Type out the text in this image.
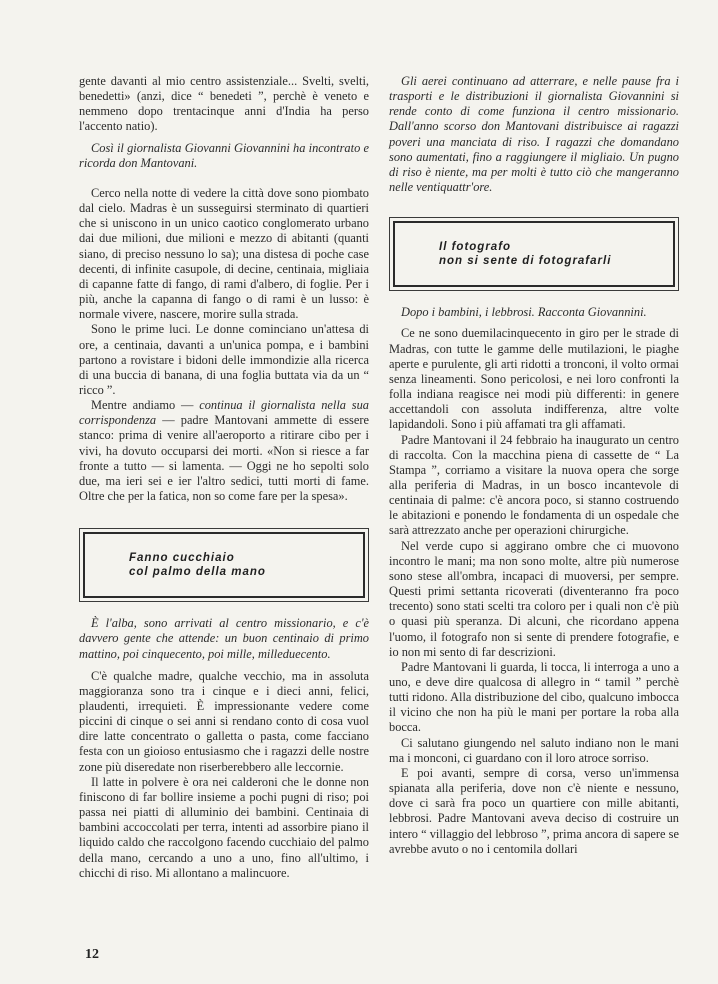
gente davanti al mio centro assistenziale... Svelti, svelti, benedetti» (anzi, dice “ benedeti ”, perchè è veneto e nemmeno dopo trentacinque anni d'India ha perso l'accento natio).

Così il giornalista Giovanni Giovannini ha incontrato e ricorda don Mantovani.

Cerco nella notte di vedere la città dove sono piombato dal cielo. Madras è un susseguirsi sterminato di quartieri che si uniscono in un unico caotico conglomerato urbano dai due milioni, due milioni e mezzo di abitanti (quanti siano, di preciso nessuno lo sa); una distesa di poche case decenti, di infinite casupole, di decine, centinaia, migliaia di capanne fatte di fango, di rami d'albero, di foglie. Per i più, anche la capanna di fango o di rami è un lusso: è normale vivere, nascere, morire sulla strada.

Sono le prime luci. Le donne cominciano un'attesa di ore, a centinaia, davanti a un'unica pompa, e i bambini partono a rovistare i bidoni delle immondizie alla ricerca di una buccia di banana, di una foglia buttata via da un “ ricco ”.

Mentre andiamo — continua il giornalista nella sua corrispondenza — padre Mantovani ammette di essere stanco: prima di venire all'aeroporto a ritirare cibo per i vivi, ha dovuto occuparsi dei morti. «Non si riesce a far fronte a tutto — si lamenta. — Oggi ne ho sepolti solo due, ma ieri sei e ier l'altro sedici, tutti morti di fame. Oltre che per la fatica, non so come fare per la spesa».

Fanno cucchiaio
col palmo della mano

È l'alba, sono arrivati al centro missionario, e c'è davvero gente che attende: un buon centinaio di primo mattino, poi cinquecento, poi mille, milleduecento.

C'è qualche madre, qualche vecchio, ma in assoluta maggioranza sono tra i cinque e i dieci anni, felici, plaudenti, irrequieti. È impressionante vedere come piccini di cinque o sei anni si rendano conto di cosa vuol dire latte concentrato o galletta o pasta, come facciano festa con un gioioso entusiasmo che i ragazzi delle nostre zone più diseredate non riserberebbero alle leccornie.

Il latte in polvere è ora nei calderoni che le donne non finiscono di far bollire insieme a pochi pugni di riso; poi passa nei piatti di alluminio dei bambini. Centinaia di bambini accoccolati per terra, intenti ad assorbire piano il liquido caldo che raccolgono facendo cucchiaio del palmo della mano, cercando a uno a uno, fino all'ultimo, i chicchi di riso. Mi allontano a malincuore.

Gli aerei continuano ad atterrare, e nelle pause fra i trasporti e le distribuzioni il giornalista Giovannini si rende conto di come funziona il centro missionario. Dall'anno scorso don Mantovani distribuisce ai ragazzi poveri una manciata di riso. I ragazzi che domandano sono aumentati, fino a raggiungere il migliaio. Un pugno di riso è niente, ma per molti è tutto ciò che mangeranno nelle ventiquattr'ore.

Il fotografo
non si sente di fotografarli

Dopo i bambini, i lebbrosi. Racconta Giovannini.

Ce ne sono duemilacinquecento in giro per le strade di Madras, con tutte le gamme delle mutilazioni, le piaghe aperte e purulente, gli arti ridotti a tronconi, il volto ormai senza lineamenti. Sono pericolosi, e nei loro confronti la folla indiana reagisce nei modi più differenti: in genere accettandoli con assoluta indifferenza, altre volte lapidandoli. Sono i più affamati tra gli affamati.

Padre Mantovani il 24 febbraio ha inaugurato un centro di raccolta. Con la macchina piena di cassette de “ La Stampa ”, corriamo a visitare la nuova opera che sorge alla periferia di Madras, in un bosco incantevole di centinaia di palme: c'è ancora poco, si stanno costruendo le abitazioni e ponendo le fondamenta di un ospedale che sarà attrezzato anche per operazioni chirurgiche.

Nel verde cupo si aggirano ombre che ci muovono incontro le mani; ma non sono molte, altre più numerose sono stese all'ombra, incapaci di muoversi, per sempre. Questi primi settanta ricoverati (diventeranno fra poco trecento) sono stati scelti tra coloro per i quali non c'è più o quasi più speranza. Di alcuni, che ricordano appena l'uomo, il fotografo non si sente di prendere fotografie, e io non mi sento di far descrizioni.

Padre Mantovani li guarda, li tocca, li interroga a uno a uno, e deve dire qualcosa di allegro in “ tamil ” perchè tutti ridono. Alla distribuzione del cibo, qualcuno imbocca il vicino che non ha più le mani per portare la roba alla bocca.

Ci salutano giungendo nel saluto indiano non le mani ma i monconi, ci guardano con il loro atroce sorriso.

E poi avanti, sempre di corsa, verso un'immensa spianata alla periferia, dove non c'è niente e nessuno, dove ci sarà fra poco un quartiere con mille abitanti, lebbrosi. Padre Mantovani aveva deciso di costruire un intero “ villaggio del lebbroso ”, prima ancora di sapere se avrebbe avuto o no i centomila dollari

12
